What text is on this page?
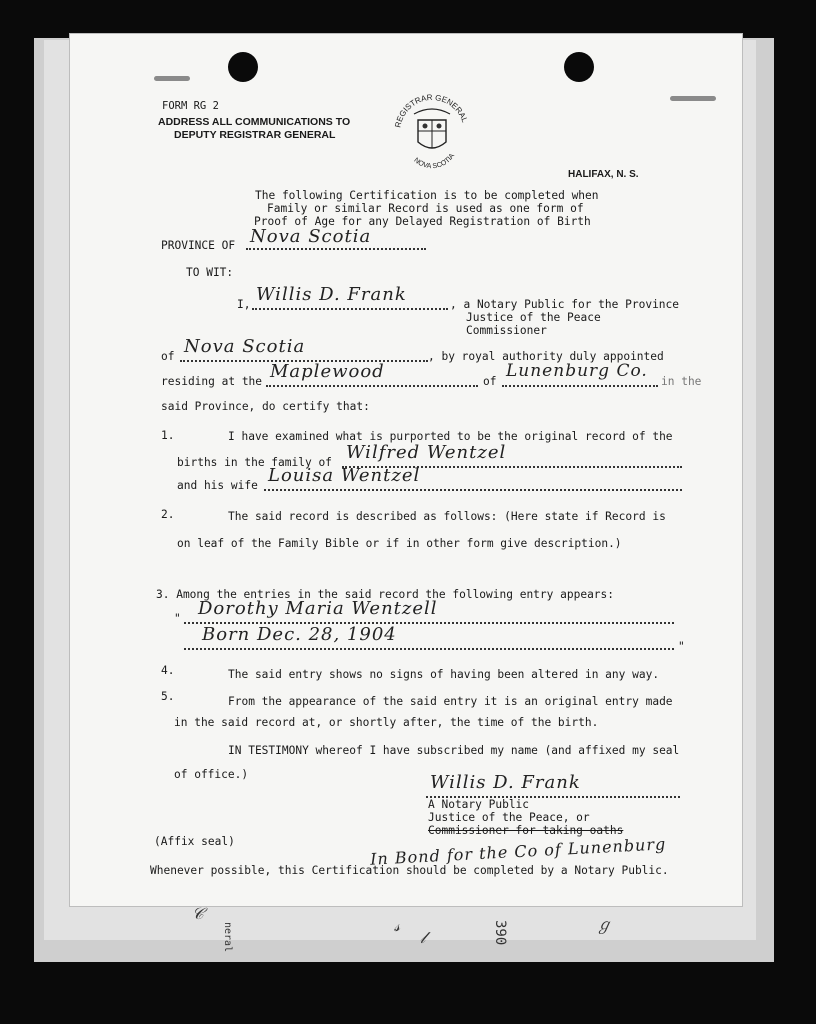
FORM RG 2
ADDRESS ALL COMMUNICATIONS TO
DEPUTY REGISTRAR GENERAL
REGISTRAR GENERAL
NOVA SCOTIA
HALIFAX, N. S.
The following Certification is to be completed when
Family or similar Record is used as one form of
Proof of Age for any Delayed Registration of Birth
PROVINCE OF Nova Scotia
TO WIT:
I, Willis D. Frank	, a Notary Public for the Province
Justice of the Peace
Commissioner
of Nova Scotia	, by royal authority duly appointed
residing at the Maplewood	of
Lunenburg Co.
in the
said Province, do certify that:
1.	I have examined what is purported to be the original record of the
births in the family of Wilfred Wentzel
and his wife Louisa Wentzel
2.	The said record is described as follows: (Here state if Record is
on leaf of the Family Bible or if in other form give description.)
3. Among the entries in the said record the following entry appears:
" Dorothy Maria Wentzell
Born Dec. 28, 1904
"
4.	The said entry shows no signs of having been altered in any way.
5.	From the appearance of the said entry it is an original entry made
in the said record at, or shortly after, the time of the birth.
IN TESTIMONY whereof I have subscribed my name (and affixed my seal
of office.)	Willis D. Frank
A Notary Public
Justice of the Peace, or
Commissioner for taking oaths
In Bond for the Co of Lunenburg
(Affix seal)
Whenever possible, this Certification should be completed by a Notary Public.
𝒞
neral	𝓈
𝓁	390	ℊ
